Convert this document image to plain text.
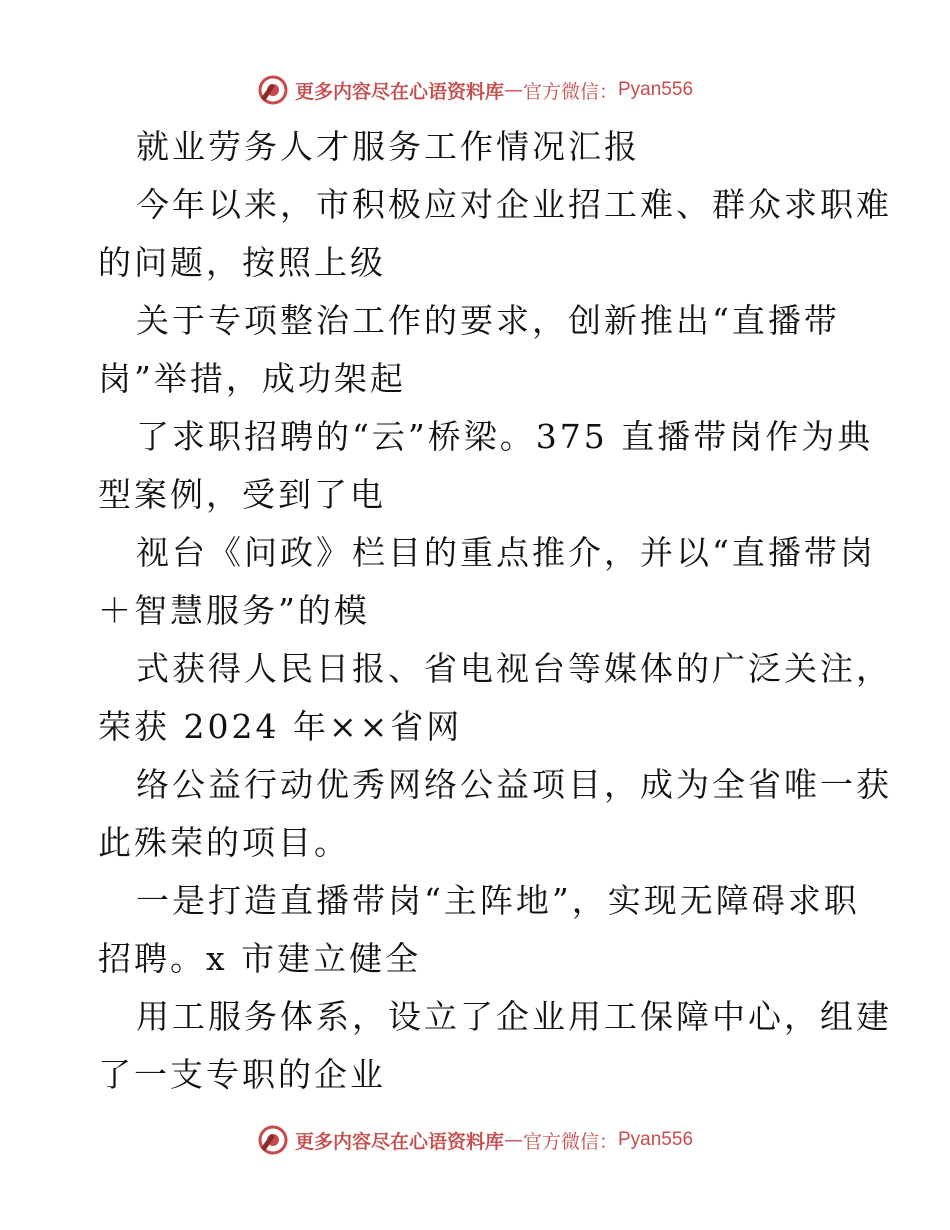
更多内容尽在心语资料库 — 官方微信： Pyan556
就业劳务人才服务工作情况汇报
今年以来，市积极应对企业招工难、群众求职难
的问题，按照上级
关于专项整治工作的要求，创新推出“直播带
岗”举措，成功架起
了求职招聘的“云”桥梁。375 直播带岗作为典
型案例，受到了电
视台《问政》栏目的重点推介，并以“直播带岗
＋智慧服务”的模
式获得人民日报、省电视台等媒体的广泛关注，
荣获 2024 年××省网
络公益行动优秀网络公益项目，成为全省唯一获
此殊荣的项目。
一是打造直播带岗“主阵地”，实现无障碍求职
招聘。x 市建立健全
用工服务体系，设立了企业用工保障中心，组建
了一支专职的企业
更多内容尽在心语资料库 — 官方微信： Pyan556
